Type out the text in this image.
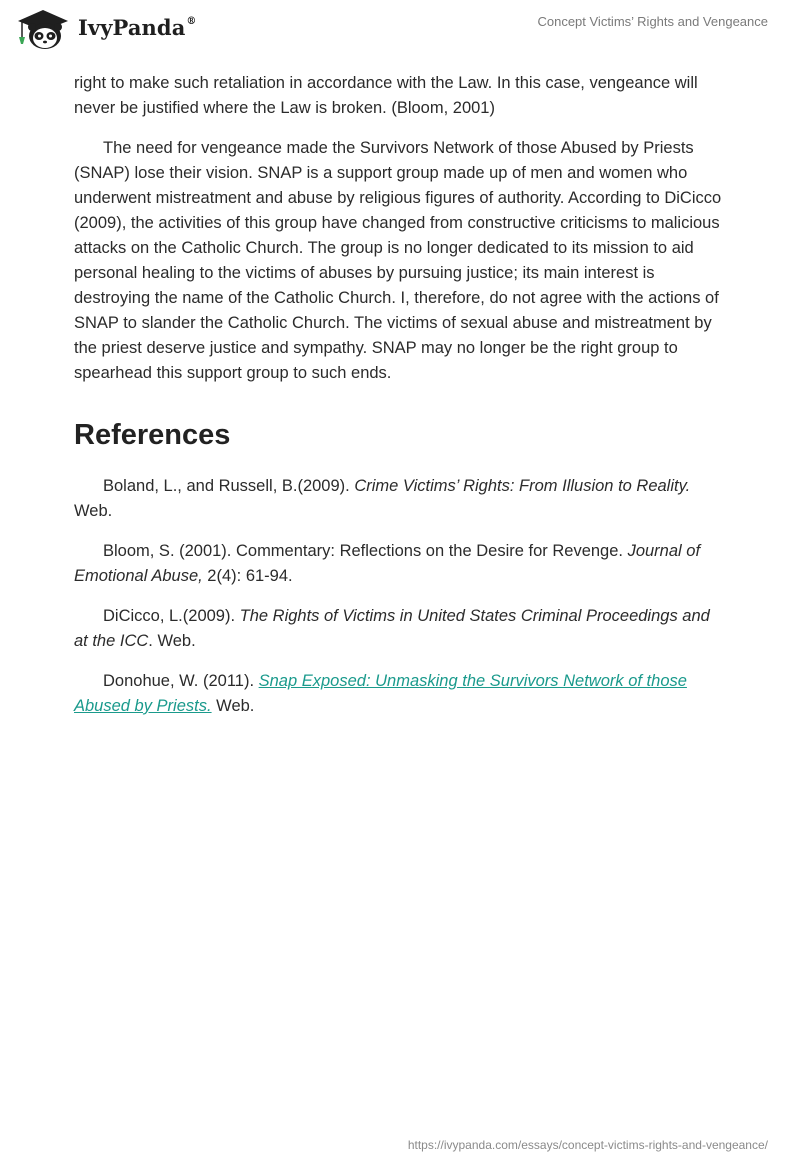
IvyPanda®	Concept Victims’ Rights and Vengeance

right to make such retaliation in accordance with the Law. In this case, vengeance will never be justified where the Law is broken. (Bloom, 2001)

The need for vengeance made the Survivors Network of those Abused by Priests (SNAP) lose their vision. SNAP is a support group made up of men and women who underwent mistreatment and abuse by religious figures of authority. According to DiCicco (2009), the activities of this group have changed from constructive criticisms to malicious attacks on the Catholic Church. The group is no longer dedicated to its mission to aid personal healing to the victims of abuses by pursuing justice; its main interest is destroying the name of the Catholic Church. I, therefore, do not agree with the actions of SNAP to slander the Catholic Church. The victims of sexual abuse and mistreatment by the priest deserve justice and sympathy. SNAP may no longer be the right group to spearhead this support group to such ends.

References

Boland, L., and Russell, B.(2009). Crime Victims’ Rights: From Illusion to Reality. Web.

Bloom, S. (2001). Commentary: Reflections on the Desire for Revenge. Journal of Emotional Abuse, 2(4): 61-94.

DiCicco, L.(2009). The Rights of Victims in United States Criminal Proceedings and at the ICC. Web.

Donohue, W. (2011). Snap Exposed: Unmasking the Survivors Network of those Abused by Priests. Web.

https://ivypanda.com/essays/concept-victims-rights-and-vengeance/
